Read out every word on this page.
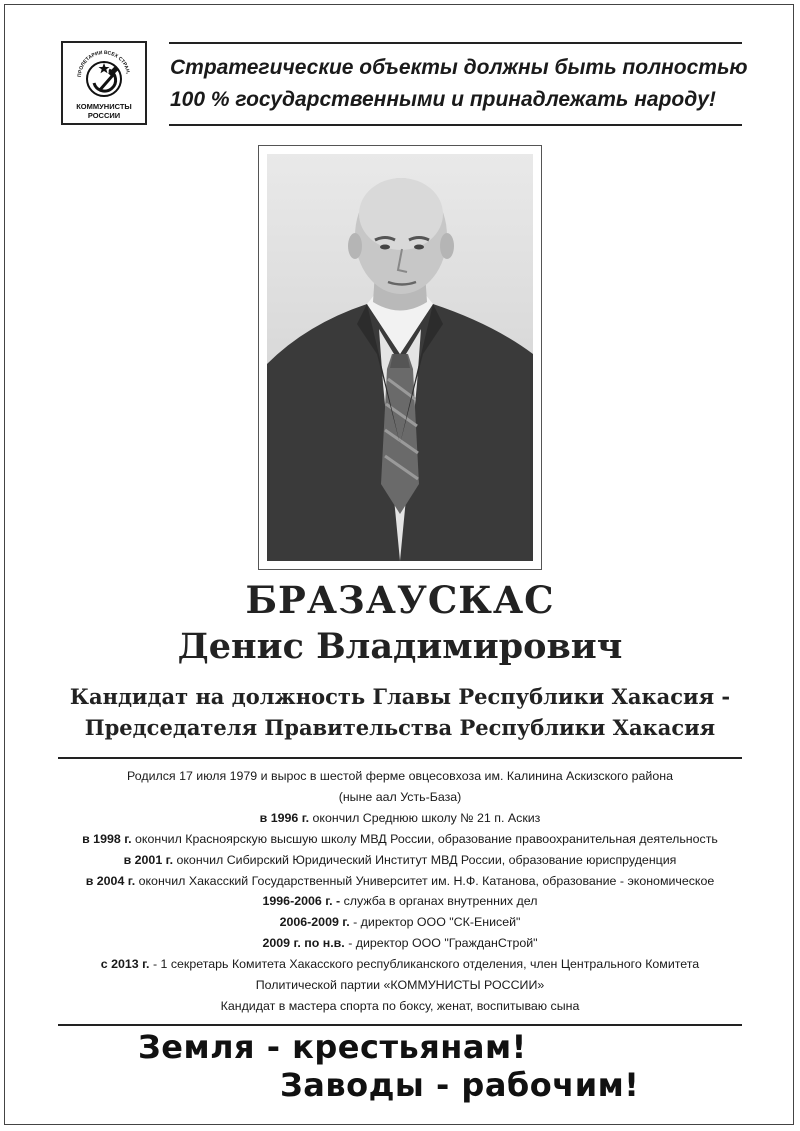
ПРОЛЕТАРИИ ВСЕХ СТРАН,
КОММУНИСТЫ
РОССИИ
Стратегические объекты должны быть полностью
100 % государственными и принадлежать народу!
БРАЗАУСКАС
Денис Владимирович
Кандидат на должность Главы Республики Хакасия -
Председателя Правительства Республики Хакасия
Родился 17 июля 1979 и вырос в шестой ферме овцесовхоза им. Калинина Аскизского района
(ныне аал Усть-База)
в 1996 г. окончил Среднюю школу № 21 п. Аскиз
в 1998 г. окончил Красноярскую высшую школу МВД России, образование правоохранительная деятельность
в 2001 г. окончил Сибирский Юридический Институт МВД России, образование юриспруденция
в 2004 г. окончил Хакасский Государственный Университет им. Н.Ф. Катанова, образование - экономическое
1996-2006 г. - служба в органах внутренних дел
2006-2009 г. - директор ООО "СК-Енисей"
2009 г. по н.в. - директор ООО "ГражданСтрой"
с 2013 г. - 1 секретарь Комитета Хакасского республиканского отделения, член Центрального Комитета
Политической партии «КОММУНИСТЫ РОССИИ»
Кандидат в мастера спорта по боксу, женат, воспитываю сына
Земля - крестьянам!
Заводы - рабочим!
